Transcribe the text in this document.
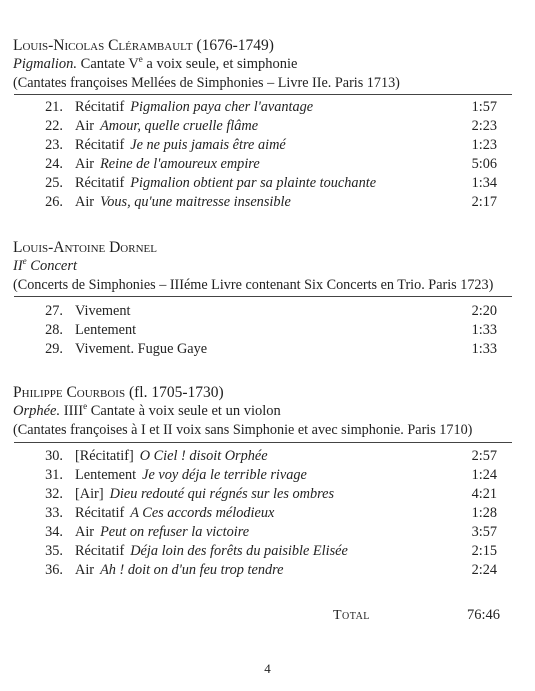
Louis-Nicolas Clérambault (1676-1749)
Pigmalion. Cantate Ve a voix seule, et simphonie
(Cantates françoises Mellées de Simphonies – Livre IIe. Paris 1713)
21. Récitatif Pigmalion paya cher l'avantage	1:57
22. Air Amour, quelle cruelle flâme	2:23
23. Récitatif Je ne puis jamais être aimé	1:23
24. Air Reine de l'amoureux empire	5:06
25. Récitatif Pigmalion obtient par sa plainte touchante	1:34
26. Air Vous, qu'une maitresse insensible	2:17
Louis-Antoine Dornel
IIe Concert
(Concerts de Simphonies – IIIéme Livre contenant Six Concerts en Trio. Paris 1723)
27. Vivement	2:20
28. Lentement	1:33
29. Vivement. Fugue Gaye	1:33
Philippe Courbois (fl. 1705-1730)
Orphée. IIIIe Cantate à voix seule et un violon
(Cantates françoises à I et II voix sans Simphonie et avec simphonie. Paris 1710)
30. [Récitatif] O Ciel ! disoit Orphée	2:57
31. Lentement Je voy déja le terrible rivage	1:24
32. [Air] Dieu redouté qui régnés sur les ombres	4:21
33. Récitatif A Ces accords mélodieux	1:28
34. Air Peut on refuser la victoire	3:57
35. Récitatif Déja loin des forêts du paisible Elisée	2:15
36. Air Ah ! doit on d'un feu trop tendre	2:24
Total	76:46
4
